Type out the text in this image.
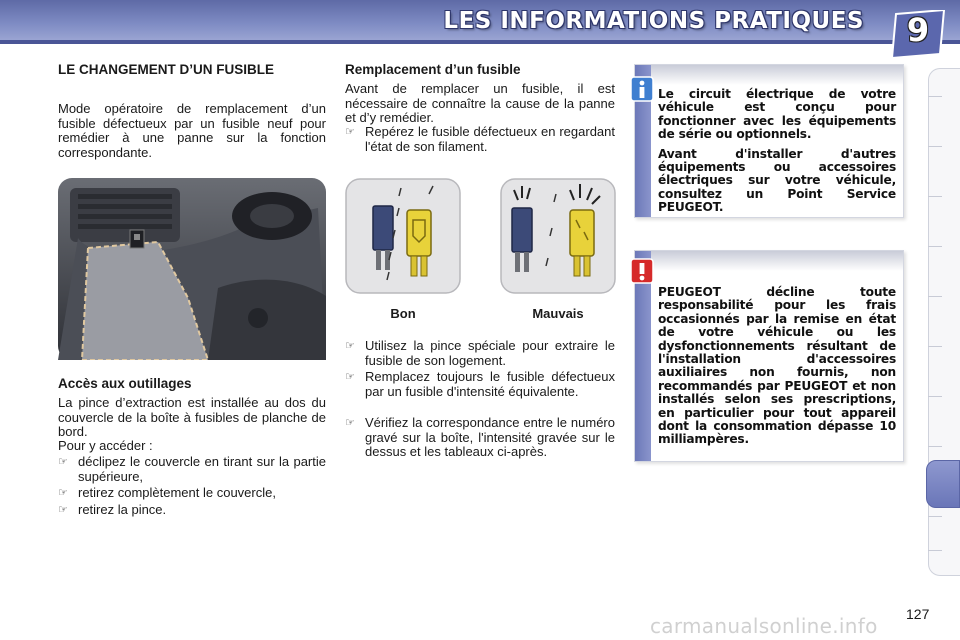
LES INFORMATIONS PRATIQUES	9
LE CHANGEMENT D’UN FUSIBLE
Mode opératoire de remplacement d’un fusible défectueux par un fusible neuf pour remédier à une panne sur la fonction correspondante.
Accès aux outillages
La pince d’extraction est installée au dos du couvercle de la boîte à fusibles de planche de bord.
Pour y accéder :
☞ déclipez le couvercle en tirant sur la partie supérieure,
☞ retirez complètement le couvercle,
☞ retirez la pince.
Remplacement d’un fusible
Avant de remplacer un fusible, il est nécessaire de connaître la cause de la panne et d’y remédier.
☞ Repérez le fusible défectueux en regardant l'état de son filament.
Bon	Mauvais
☞ Utilisez la pince spéciale pour extraire le fusible de son logement.
☞ Remplacez toujours le fusible défectueux par un fusible d'intensité équivalente.
☞ Vérifiez la correspondance entre le numéro gravé sur la boîte, l'intensité gravée sur le dessus et les tableaux ci-après.

Le circuit électrique de votre véhicule est conçu pour fonctionner avec les équipements de série ou optionnels.

Avant d'installer d'autres équipements ou accessoires électriques sur votre véhicule, consultez un Point Service PEUGEOT.

PEUGEOT décline toute responsabilité pour les frais occasionnés par la remise en état de votre véhicule ou les dysfonctionnements résultant de l'installation d'accessoires auxiliaires non fournis, non recommandés par PEUGEOT et non installés selon ses prescriptions, en particulier pour tout appareil dont la consommation dépasse 10 milliampères.

127
carmanualsonline.info
